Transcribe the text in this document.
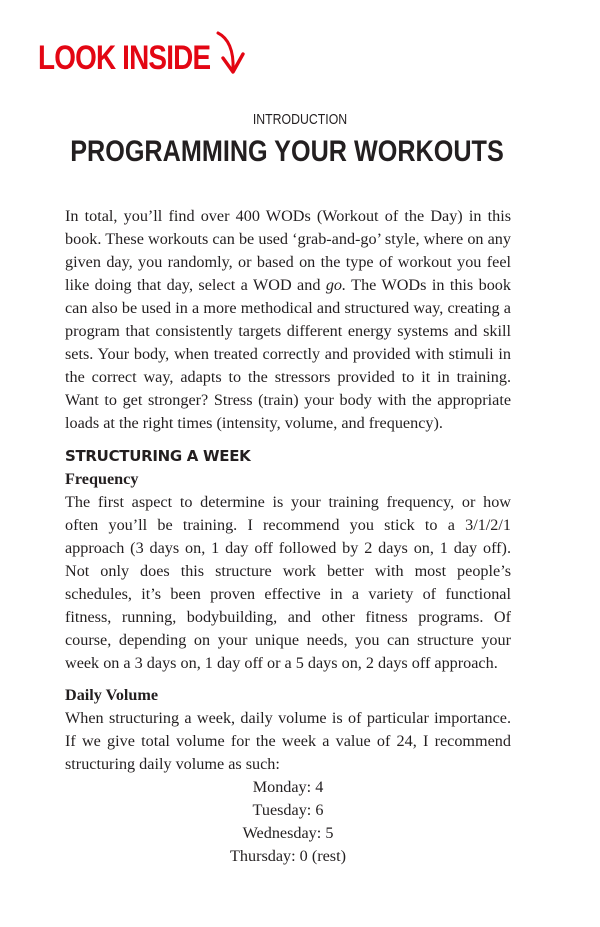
LOOK INSIDE
INTRODUCTION
PROGRAMMING YOUR WORKOUTS

In total, you’ll find over 400 WODs (Workout of the Day) in this book. These workouts can be used ‘grab-and-go’ style, where on any given day, you randomly, or based on the type of workout you feel like doing that day, select a WOD and go. The WODs in this book can also be used in a more methodical and structured way, creating a program that consistently targets different energy systems and skill sets. Your body, when treated correctly and provided with stimuli in the correct way, adapts to the stressors provided to it in training. Want to get stronger? Stress (train) your body with the appropriate loads at the right times (intensity, volume, and frequency).

STRUCTURING A WEEK
Frequency

The first aspect to determine is your training frequency, or how often you’ll be training. I recommend you stick to a 3/1/2/1 approach (3 days on, 1 day off followed by 2 days on, 1 day off). Not only does this structure work better with most people’s schedules, it’s been proven effective in a variety of functional fitness, running, bodybuilding, and other fitness programs. Of course, depending on your unique needs, you can structure your week on a 3 days on, 1 day off or a 5 days on, 2 days off approach.

Daily Volume

When structuring a week, daily volume is of particular importance. If we give total volume for the week a value of 24, I recommend structuring daily volume as such:

Monday: 4
Tuesday: 6
Wednesday: 5
Thursday: 0 (rest)
